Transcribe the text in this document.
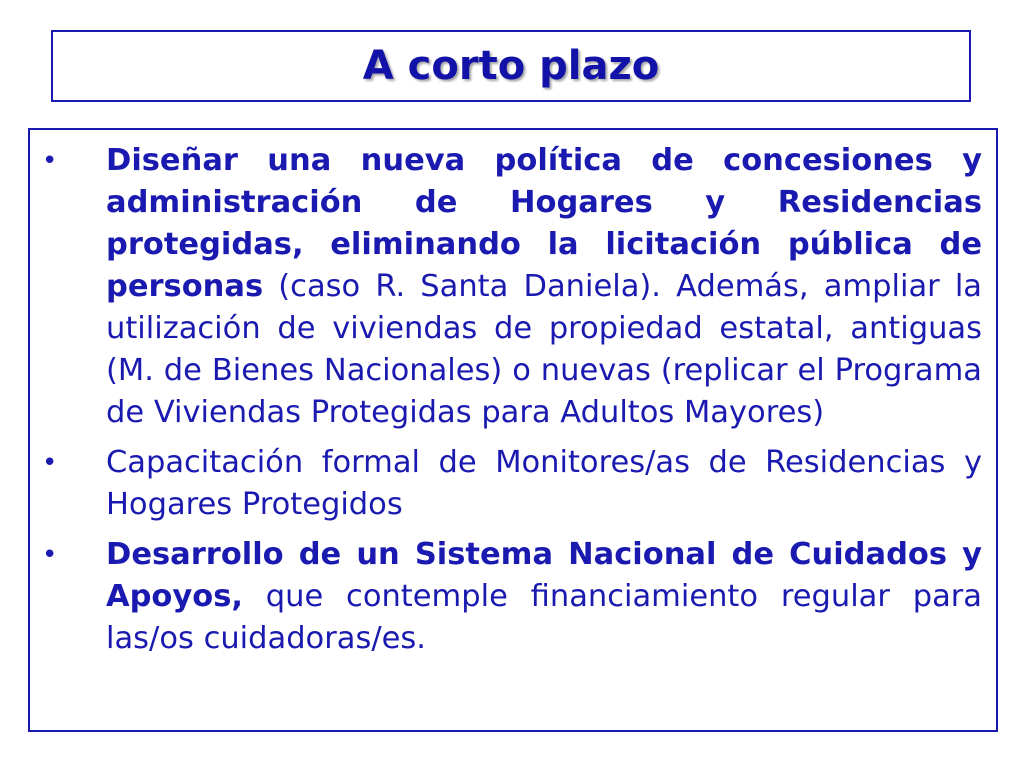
A corto plazo
• Diseñar una nueva política de concesiones y administración de Hogares y Residencias protegidas, eliminando la licitación pública de personas (caso R. Santa Daniela). Además, ampliar la utilización de viviendas de propiedad estatal, antiguas (M. de Bienes Nacionales) o nuevas (replicar el Programa de Viviendas Protegidas para Adultos Mayores)
• Capacitación formal de Monitores/as de Residencias y Hogares Protegidos
• Desarrollo de un Sistema Nacional de Cuidados y Apoyos, que contemple financiamiento regular para las/os cuidadoras/es.
